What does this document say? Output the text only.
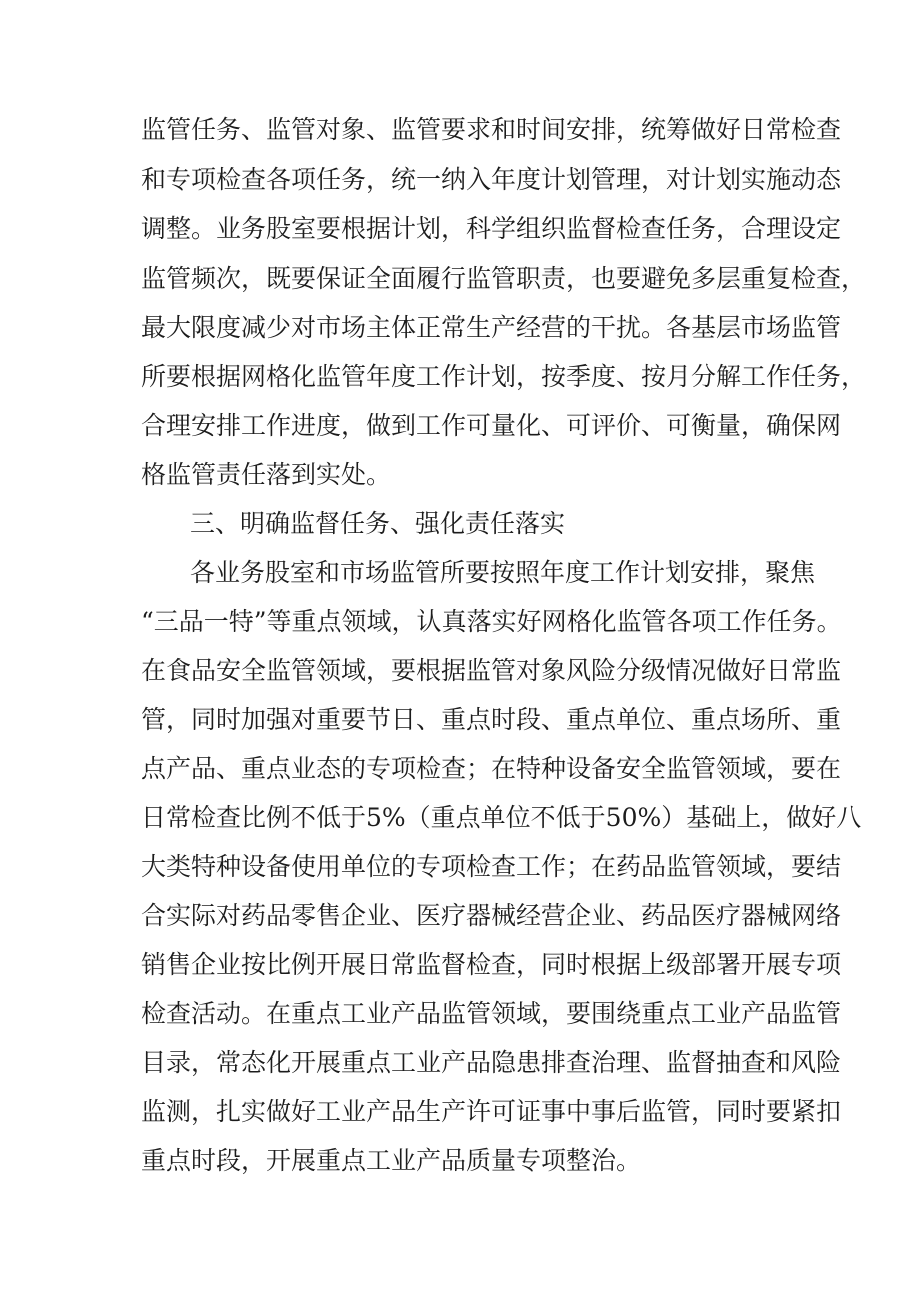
监管任务、监管对象、监管要求和时间安排，统筹做好日常检查
和专项检查各项任务，统一纳入年度计划管理，对计划实施动态
调整。业务股室要根据计划，科学组织监督检查任务，合理设定
监管频次，既要保证全面履行监管职责，也要避免多层重复检查，
最大限度减少对市场主体正常生产经营的干扰。各基层市场监管
所要根据网格化监管年度工作计划，按季度、按月分解工作任务，
合理安排工作进度，做到工作可量化、可评价、可衡量，确保网
格监管责任落到实处。
三、明确监督任务、强化责任落实
各业务股室和市场监管所要按照年度工作计划安排，聚焦
“三品一特”等重点领域，认真落实好网格化监管各项工作任务。
在食品安全监管领域，要根据监管对象风险分级情况做好日常监
管，同时加强对重要节日、重点时段、重点单位、重点场所、重
点产品、重点业态的专项检查；在特种设备安全监管领域，要在
日常检查比例不低于5%（重点单位不低于50%）基础上，做好八
大类特种设备使用单位的专项检查工作；在药品监管领域，要结
合实际对药品零售企业、医疗器械经营企业、药品医疗器械网络
销售企业按比例开展日常监督检查，同时根据上级部署开展专项
检查活动。在重点工业产品监管领域，要围绕重点工业产品监管
目录，常态化开展重点工业产品隐患排查治理、监督抽查和风险
监测，扎实做好工业产品生产许可证事中事后监管，同时要紧扣
重点时段，开展重点工业产品质量专项整治。
